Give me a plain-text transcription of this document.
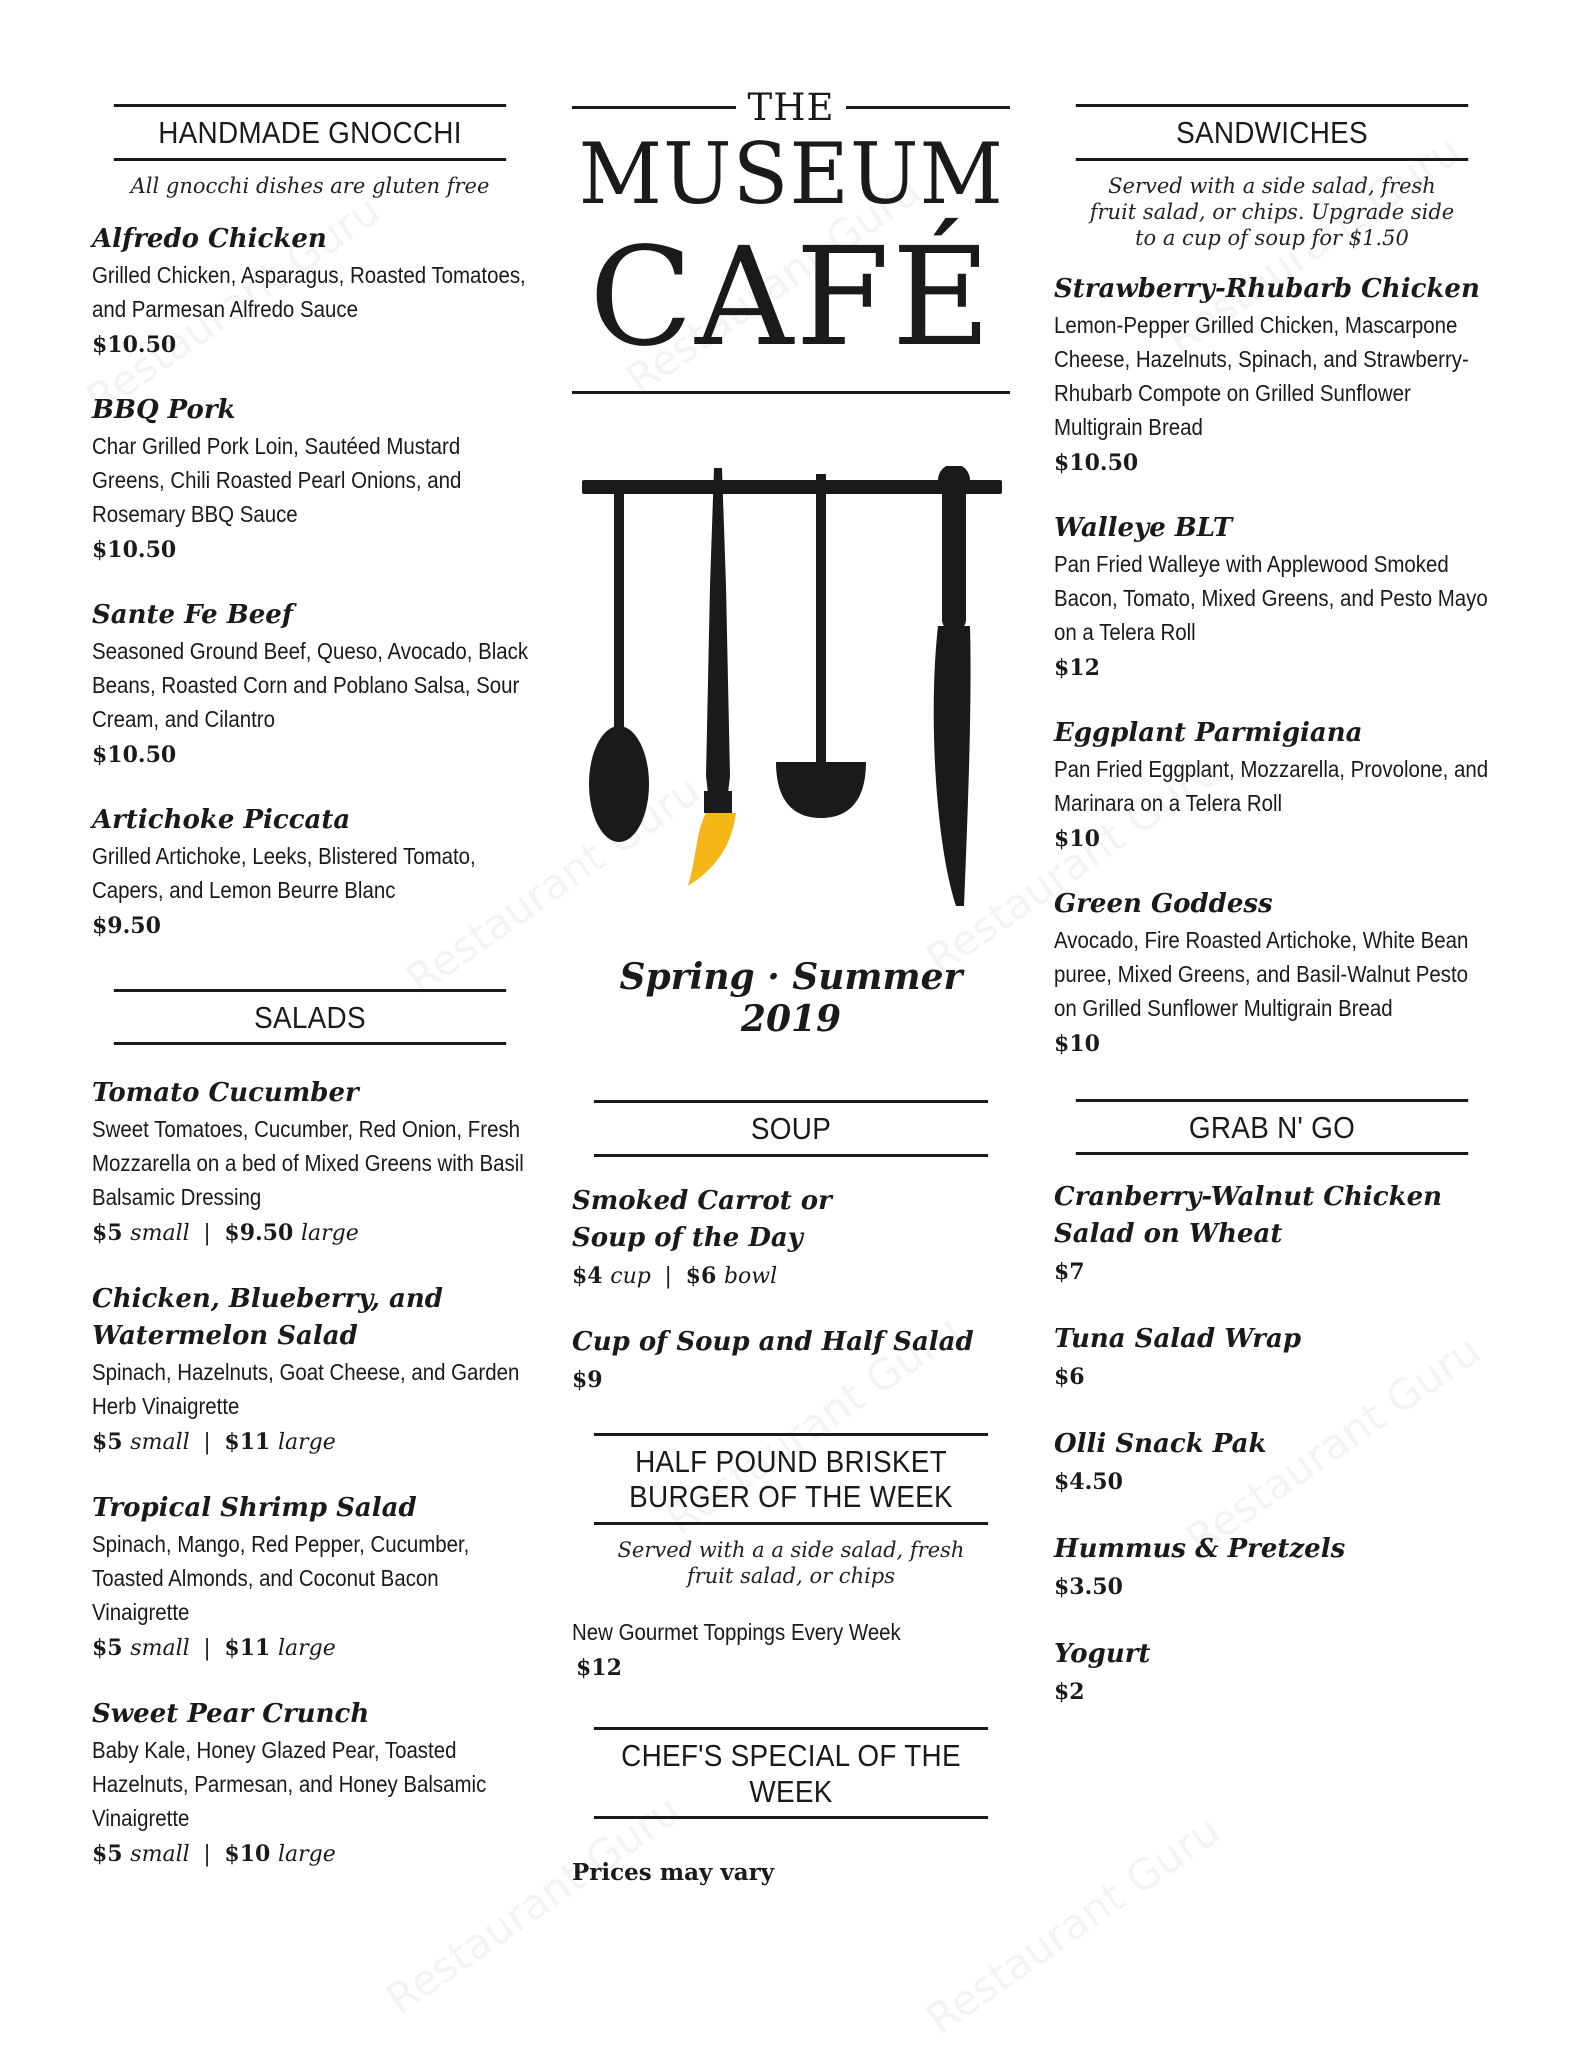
HANDMADE GNOCCHI
All gnocchi dishes are gluten free
Alfredo Chicken
Grilled Chicken, Asparagus, Roasted Tomatoes, and Parmesan Alfredo Sauce
$10.50
BBQ Pork
Char Grilled Pork Loin, Sautéed Mustard Greens, Chili Roasted Pearl Onions, and Rosemary BBQ Sauce
$10.50
Sante Fe Beef
Seasoned Ground Beef, Queso, Avocado, Black Beans, Roasted Corn and Poblano Salsa, Sour Cream, and Cilantro
$10.50
Artichoke Piccata
Grilled Artichoke, Leeks, Blistered Tomato, Capers, and Lemon Beurre Blanc
$9.50
SALADS
Tomato Cucumber
Sweet Tomatoes, Cucumber, Red Onion, Fresh Mozzarella on a bed of Mixed Greens with Basil Balsamic Dressing
$5 small | $9.50 large
Chicken, Blueberry, and Watermelon Salad
Spinach, Hazelnuts, Goat Cheese, and Garden Herb Vinaigrette
$5 small | $11 large
Tropical Shrimp Salad
Spinach, Mango, Red Pepper, Cucumber, Toasted Almonds, and Coconut Bacon Vinaigrette
$5 small | $11 large
Sweet Pear Crunch
Baby Kale, Honey Glazed Pear, Toasted Hazelnuts, Parmesan, and Honey Balsamic Vinaigrette
$5 small | $10 large
THE
MUSEUM
CAFÉ
Spring · Summer 2019
SOUP
Smoked Carrot or
Soup of the Day
$4 cup | $6 bowl
Cup of Soup and Half Salad
$9
HALF POUND BRISKET
BURGER OF THE WEEK
Served with a a side salad, fresh fruit salad, or chips
New Gourmet Toppings Every Week
$12
CHEF'S SPECIAL OF THE WEEK
Prices may vary
SANDWICHES
Served with a side salad, fresh fruit salad, or chips. Upgrade side to a cup of soup for $1.50
Strawberry-Rhubarb Chicken
Lemon-Pepper Grilled Chicken, Mascarpone Cheese, Hazelnuts, Spinach, and Strawberry-Rhubarb Compote on Grilled Sunflower Multigrain Bread
$10.50
Walleye BLT
Pan Fried Walleye with Applewood Smoked Bacon, Tomato, Mixed Greens, and Pesto Mayo on a Telera Roll
$12
Eggplant Parmigiana
Pan Fried Eggplant, Mozzarella, Provolone, and Marinara on a Telera Roll
$10
Green Goddess
Avocado, Fire Roasted Artichoke, White Bean puree, Mixed Greens, and Basil-Walnut Pesto on Grilled Sunflower Multigrain Bread
$10
GRAB N' GO
Cranberry-Walnut Chicken
Salad on Wheat
$7
Tuna Salad Wrap
$6
Olli Snack Pak
$4.50
Hummus & Pretzels
$3.50
Yogurt
$2
